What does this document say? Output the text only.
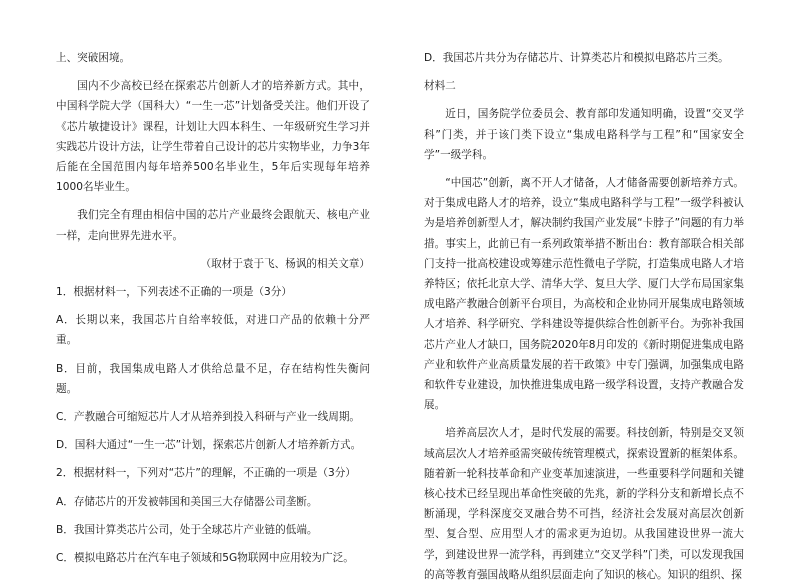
上、突破困境。

国内不少高校已经在探索芯片创新人才的培养新方式。其中，中国科学院大学（国科大）“一生一芯”计划备受关注。他们开设了《芯片敏捷设计》课程，计划让大四本科生、一年级研究生学习并实践芯片设计方法，让学生带着自己设计的芯片实物毕业，力争3年后能在全国范围内每年培养500名毕业生，5年后实现每年培养1000名毕业生。

我们完全有理由相信中国的芯片产业最终会跟航天、核电产业一样，走向世界先进水平。

（取材于袁于飞、杨讽的相关文章）

1．根据材料一，下列表述不正确的一项是（3分）

A．长期以来，我国芯片自给率较低，对进口产品的依赖十分严重。

B．目前，我国集成电路人才供给总量不足，存在结构性失衡问题。

C．产教融合可缩短芯片人才从培养到投入科研与产业一线周期。

D．国科大通过“一生一芯”计划，探索芯片创新人才培养新方式。

2．根据材料一，下列对“芯片”的理解，不正确的一项是（3分）

A．存储芯片的开发被韩国和美国三大存储器公司垄断。

B．我国计算类芯片公司，处于全球芯片产业链的低端。

C．模拟电路芯片在汽车电子领域和5G物联网中应用较为广泛。

D．我国芯片共分为存储芯片、计算类芯片和模拟电路芯片三类。

材料二

近日，国务院学位委员会、教育部印发通知明确，设置“交叉学科”门类，并于该门类下设立“集成电路科学与工程”和“国家安全学”一级学科。

“中国芯”创新，离不开人才储备，人才储备需要创新培养方式。对于集成电路人才的培养，设立“集成电路科学与工程”一级学科被认为是培养创新型人才，解决制约我国产业发展“卡脖子”问题的有力举措。事实上，此前已有一系列政策举措不断出台：教育部联合相关部门支持一批高校建设或筹建示范性微电子学院，打造集成电路人才培养特区；依托北京大学、清华大学、复旦大学、厦门大学布局国家集成电路产教融合创新平台项目，为高校和企业协同开展集成电路领域人才培养、科学研究、学科建设等提供综合性创新平台。为弥补我国芯片产业人才缺口，国务院2020年8月印发的《新时期促进集成电路产业和软件产业高质量发展的若干政策》中专门强调，加强集成电路和软件专业建设，加快推进集成电路一级学科设置，支持产教融合发展。

培养高层次人才，是时代发展的需要。科技创新，特别是交叉领域高层次人才培养亟需突破传统管理模式，探索设置新的框架体系。随着新一轮科技革命和产业变革加速演进，一些重要科学问题和关键核心技术已经呈现出革命性突破的先兆，新的学科分支和新增长点不断涌现，学科深度交叉融合势不可挡，经济社会发展对高层次创新型、复合型、应用型人才的需求更为迫切。从我国建设世界一流大学，到建设世界一流学科，再到建立“交叉学科”门类，可以发现我国的高等教育强国战略从组织层面走向了知识的核心。知识的组织、探
